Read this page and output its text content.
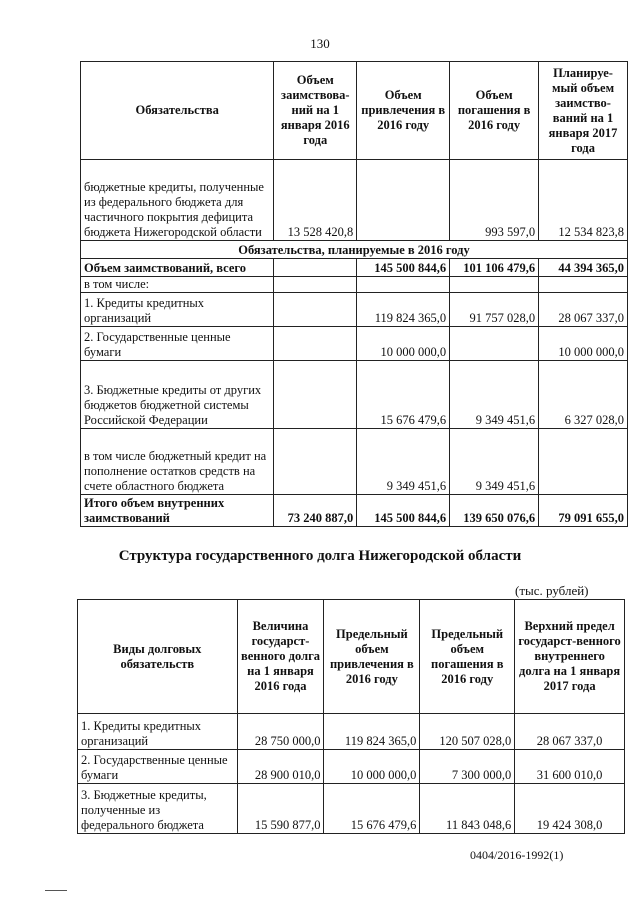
130
Обязательства	Объем заимствова-ний на 1 января 2016 года	Объем привлечения в 2016 году	Объем погашения в 2016 году	Планируе-мый объем заимство-ваний на 1 января 2017 года
бюджетные кредиты, полученные из федерального бюджета для частичного покрытия дефицита бюджета Нижегородской области	13 528 420,8		993 597,0	12 534 823,8
Обязательства, планируемые в 2016 году				
Объем заимствований, всего		145 500 844,6	101 106 479,6	44 394 365,0
в том числе:				
1. Кредиты кредитных организаций		119 824 365,0	91 757 028,0	28 067 337,0
2. Государственные ценные бумаги		10 000 000,0		10 000 000,0
3. Бюджетные кредиты от других бюджетов бюджетной системы Российской Федерации		15 676 479,6	9 349 451,6	6 327 028,0
в том числе бюджетный кредит на пополнение остатков средств на счете областного бюджета		9 349 451,6	9 349 451,6	
Итого объем внутренних заимствований	73 240 887,0	145 500 844,6	139 650 076,6	79 091 655,0
Структура государственного долга Нижегородской области
(тыс. рублей)
Виды долговых обязательств	Величина государст-венного долга на 1 января 2016 года	Предельный объем привлечения в 2016 году	Предельный объем погашения в 2016 году	Верхний предел государст-венного внутреннего долга на 1 января 2017 года
1. Кредиты кредитных организаций	28 750 000,0	119 824 365,0	120 507 028,0	28 067 337,0
2. Государственные ценные бумаги	28 900 010,0	10 000 000,0	7 300 000,0	31 600 010,0
3. Бюджетные кредиты, полученные из федерального бюджета	15 590 877,0	15 676 479,6	11 843 048,6	19 424 308,0
0404/2016-1992(1)
